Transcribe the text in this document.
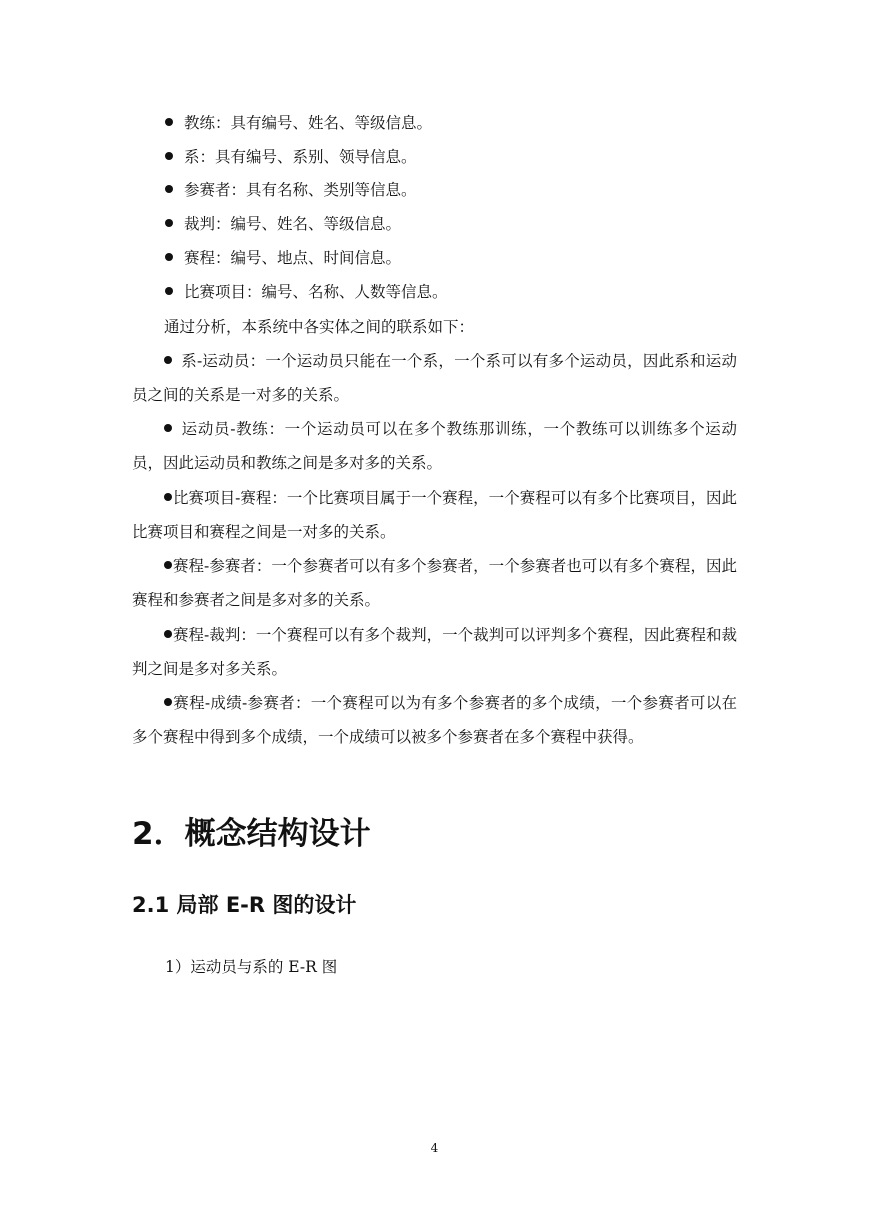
教练：具有编号、姓名、等级信息。
系：具有编号、系别、领导信息。
参赛者：具有名称、类别等信息。
裁判：编号、姓名、等级信息。
赛程：编号、地点、时间信息。
比赛项目：编号、名称、人数等信息。
通过分析，本系统中各实体之间的联系如下：
系-运动员：一个运动员只能在一个系，一个系可以有多个运动员，因此系和运动员之间的关系是一对多的关系。
运动员-教练：一个运动员可以在多个教练那训练，一个教练可以训练多个运动员，因此运动员和教练之间是多对多的关系。
比赛项目-赛程：一个比赛项目属于一个赛程，一个赛程可以有多个比赛项目，因此比赛项目和赛程之间是一对多的关系。
赛程-参赛者：一个参赛者可以有多个参赛者，一个参赛者也可以有多个赛程，因此赛程和参赛者之间是多对多的关系。
赛程-裁判：一个赛程可以有多个裁判，一个裁判可以评判多个赛程，因此赛程和裁判之间是多对多关系。
赛程-成绩-参赛者：一个赛程可以为有多个参赛者的多个成绩，一个参赛者可以在多个赛程中得到多个成绩，一个成绩可以被多个参赛者在多个赛程中获得。
2．概念结构设计
2.1 局部 E-R 图的设计
1）运动员与系的 E-R 图
4
